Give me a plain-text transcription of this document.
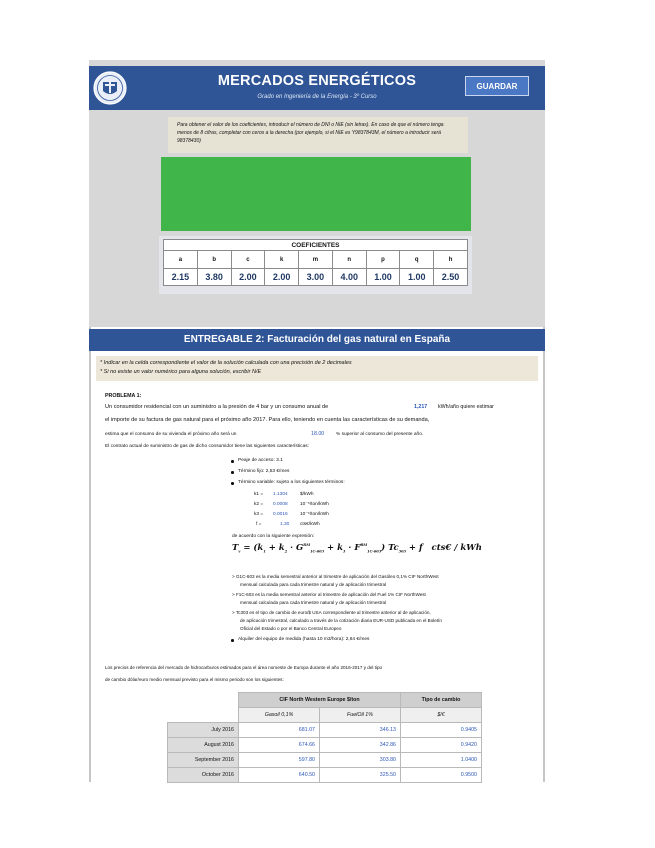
MERCADOS ENERGÉTICOS
Grado en Ingeniería de la Energía - 3º Curso
GUARDAR
Para obtener el valor de los coeficientes, introducir el número de DNI o NIE (sin letras). En caso de que el número tenga menos de 8 cifras, completar con ceros a la derecha (por ejemplo, si el NIE es Y9837843M, el número a introducir será 98378430)
COEFICIENTES								
a	b	c	k	m	n	p	q	h
2.15	3.80	2.00	2.00	3.00	4.00	1.00	1.00	2.50
ENTREGABLE 2: Facturación del gas natural en España
* Indicar en la celda correspondiente el valor de la solución calculada con una precisión de 2 decimales
* Si no existe un valor numérico para alguna solución, escribir N/E
PROBLEMA 1:
Un consumidor residencial con un suministro a la presión de 4 bar y un consumo anual de	1,217 kWh/año quiere estimar
el importe de su factura de gas natural para el próximo año 2017. Para ello, teniendo en cuenta las características de su demanda,
estima que el consumo de su vivienda el próximo año será un	18.00 % superior al consumo del presente año.
El contrato actual de suministro de gas de dicho consumidor tiene las siguientes características:
Peaje de acceso: 3.1
Término fijo: 2,53 €/mes
Término variable: sujeto a los siguientes términos:
k1 = 1.1304	$/kWh
k2 = 0.0008	10⁻⁶/ton/kWh
k3 = 0.0016	10⁻⁶/ton/kWh
f =	1.30 cts€/kWh
de acuerdo con la siguiente expresión:
$T_v = (k_1 + k_2 \cdot G^{RM}_{1C-603} + k_3 \cdot F^{RM}_{1C-603}) Tc_{303} + f$   cts€ / kWh
> G1C-603 es la media semestral anterior al trimestre de aplicación del Gasóleo 0,1% CIF NorthWest
mensual calculada para cada trimestre natural y de aplicación trimestral
> F1C-603 es la media semestral anterior al trimestre de aplicación del Fuel 1% CIF NorthWest
mensual calculada para cada trimestre natural y de aplicación trimestral
> Tc303 es el tipo de cambio de euro/$ USA correspondiente al trimestre anterior al de aplicación,
de aplicación trimestral, calculado a través de la cotización diaria EUR-USD publicada en el Boletín
Oficial del Estado o por el Banco Central Europeo
Alquiler del equipo de medida (hasta 10 m3/hora): 2,64 €/mes
Los precios de referencia del mercado de hidrocarburos estimados para el área noroeste de Europa durante el año 2016-2017 y del tipo
de cambio dólar/euro medio mensual previsto para el mismo periodo son los siguientes:
	CIF North Western Europe $/ton		Tipo de cambio
	Gasoil 0,1%	FuelOil 1%	$/€
July 2016	681.07	346.13	0.9405
August 2016	674.66	342.86	0.9420
September 2016	597.80	303.80	1.0400
October 2016	640.50	325.50	0.9500
